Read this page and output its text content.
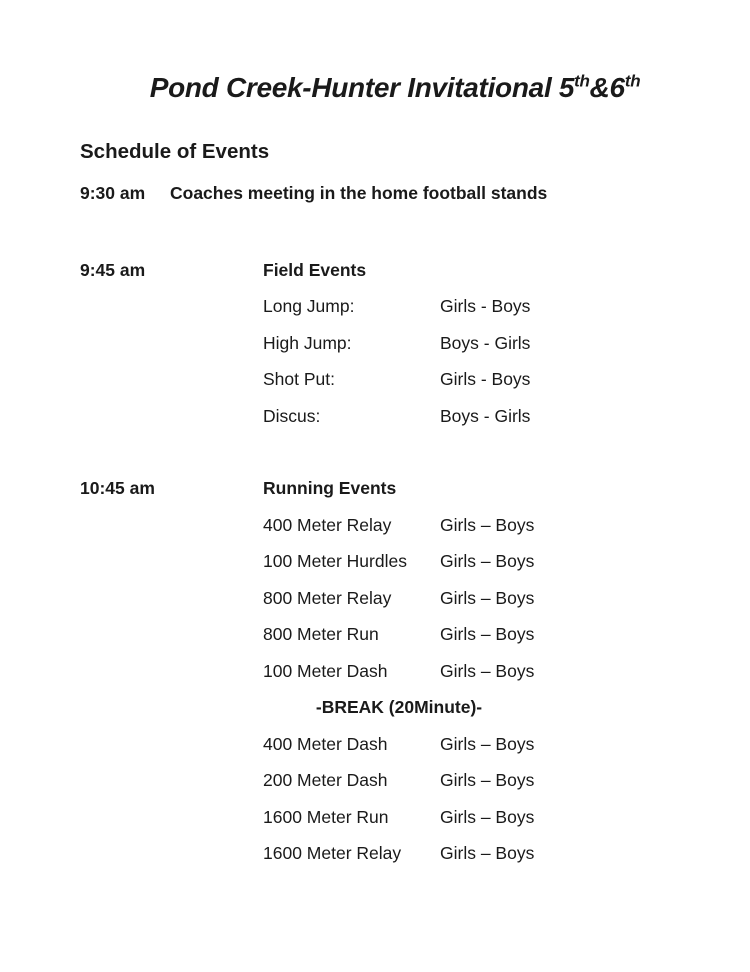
Pond Creek-Hunter Invitational 5th&6th
Schedule of Events
9:30 am	Coaches meeting in the home football stands
9:45 am	Field Events
Long Jump:	Girls - Boys
High Jump:	Boys - Girls
Shot Put:	Girls - Boys
Discus:	Boys - Girls
10:45 am	Running Events
400 Meter Relay	Girls – Boys
100 Meter Hurdles	Girls – Boys
800 Meter Relay	Girls – Boys
800 Meter Run	Girls – Boys
100 Meter Dash	Girls – Boys
-BREAK (20Minute)-
400 Meter Dash	Girls – Boys
200 Meter Dash	Girls – Boys
1600 Meter Run	Girls – Boys
1600 Meter Relay	Girls – Boys
